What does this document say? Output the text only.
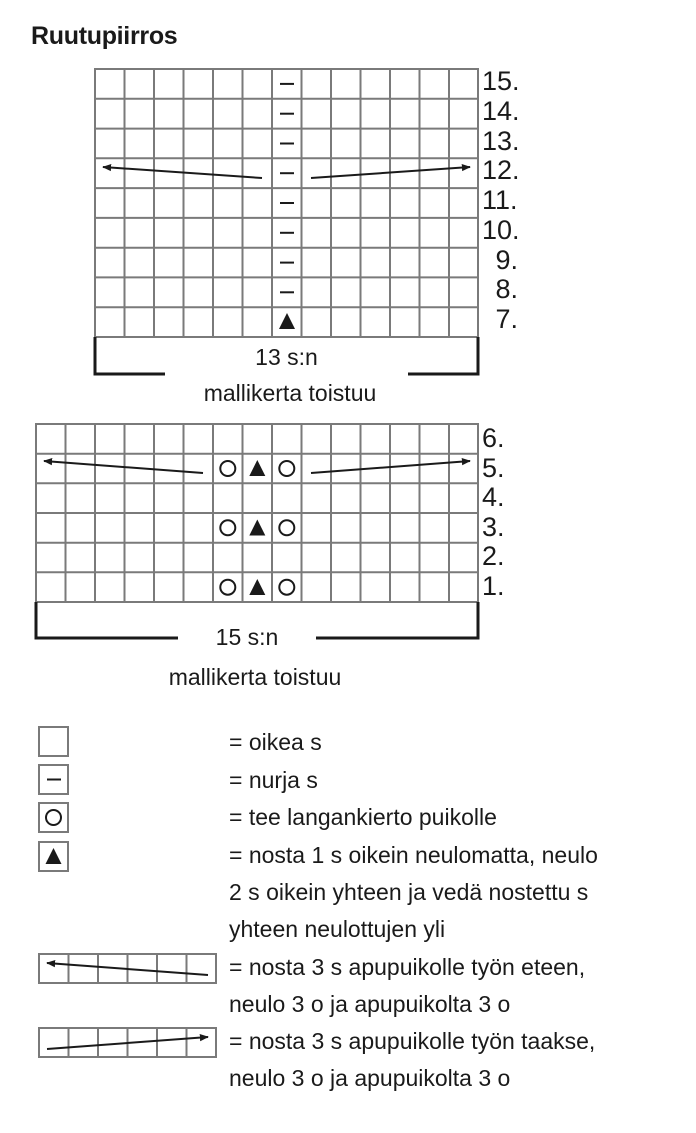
Ruutupiirros
15.
14.
13.
12.
11.
10.
9.
8.
7.
13 s:n
mallikerta toistuu
6.
5.
4.
3.
2.
1.
15 s:n
mallikerta toistuu
= oikea s
= nurja s
= tee langankierto puikolle
= nosta 1 s oikein neulomatta, neulo
2 s oikein yhteen ja vedä nostettu s
yhteen neulottujen yli
= nosta 3 s apupuikolle työn eteen,
neulo 3 o ja apupuikolta 3 o
= nosta 3 s apupuikolle työn taakse,
neulo 3 o ja apupuikolta 3 o
